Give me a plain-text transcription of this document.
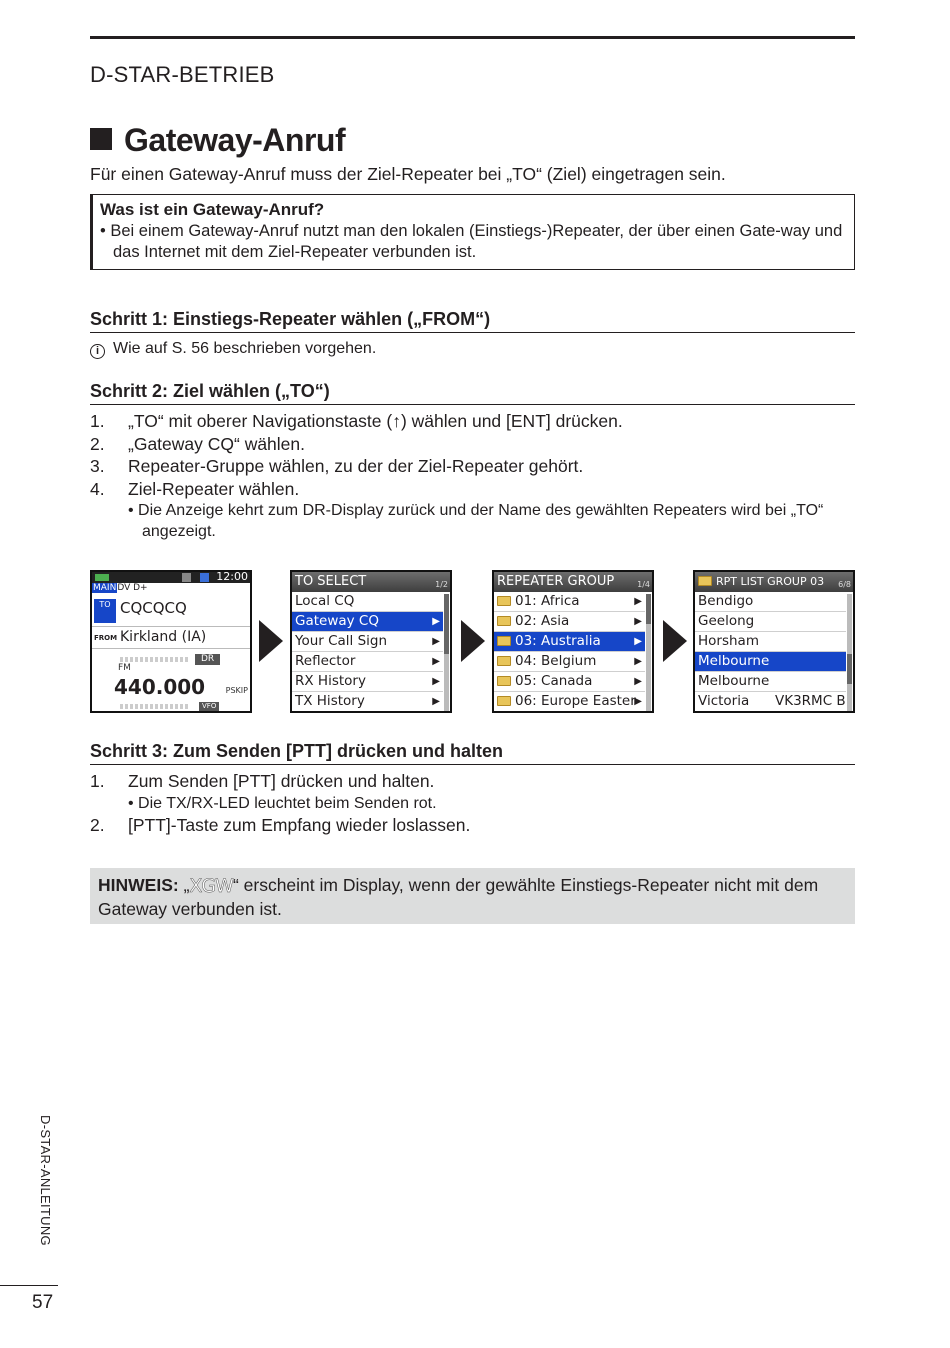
D-STAR-BETRIEB
Gateway-Anruf
Für einen Gateway-Anruf muss der Ziel-Repeater bei „TO“ (Ziel) eingetragen sein.
Was ist ein Gateway-Anruf?
• Bei einem Gateway-Anruf nutzt man den lokalen (Einstiegs-)Repeater, der über einen Gate-way und das Internet mit dem Ziel-Repeater verbunden ist.
Schritt 1: Einstiegs-Repeater wählen („FROM“)
i Wie auf S. 56 beschrieben vorgehen.
Schritt 2: Ziel wählen („TO“)
1. „TO“ mit oberer Navigationstaste (↑) wählen und [ENT] drücken.
2. „Gateway CQ“ wählen.
3. Repeater-Gruppe wählen, zu der der Ziel-Repeater gehört.
4. Ziel-Repeater wählen.
• Die Anzeige kehrt zum DR-Display zurück und der Name des gewählten Repeaters wird bei „TO“ angezeigt.
12:00
MAINDV D+
TO CQCQCQ
FROM Kirkland (IA)
DR
FM
440.000	PSKIP
VFO
TO SELECT	1/2
Local CQ
Gateway CQ	▶
Your Call Sign	▶
Reflector	▶
RX History	▶
TX History	▶
REPEATER GROUP	1/4
01: Africa	▶
02: Asia	▶
03: Australia	▶
04: Belgium	▶
05: Canada	▶
06: Europe Easter
▶
RPT LIST GROUP 03 6/8
Bendigo
Geelong
Horsham
Melbourne
Melbourne
Victoria      VK3RMC B
Schritt 3: Zum Senden [PTT] drücken und halten
1. Zum Senden [PTT] drücken und halten.
• Die TX/RX-LED leuchtet beim Senden rot.
2. [PTT]-Taste zum Empfang wieder loslassen.
HINWEIS: „XGW“ erscheint im Display, wenn der gewählte Einstiegs-Repeater nicht mit dem Gateway verbunden ist.
D-STAR-ANLEITUNG
57
